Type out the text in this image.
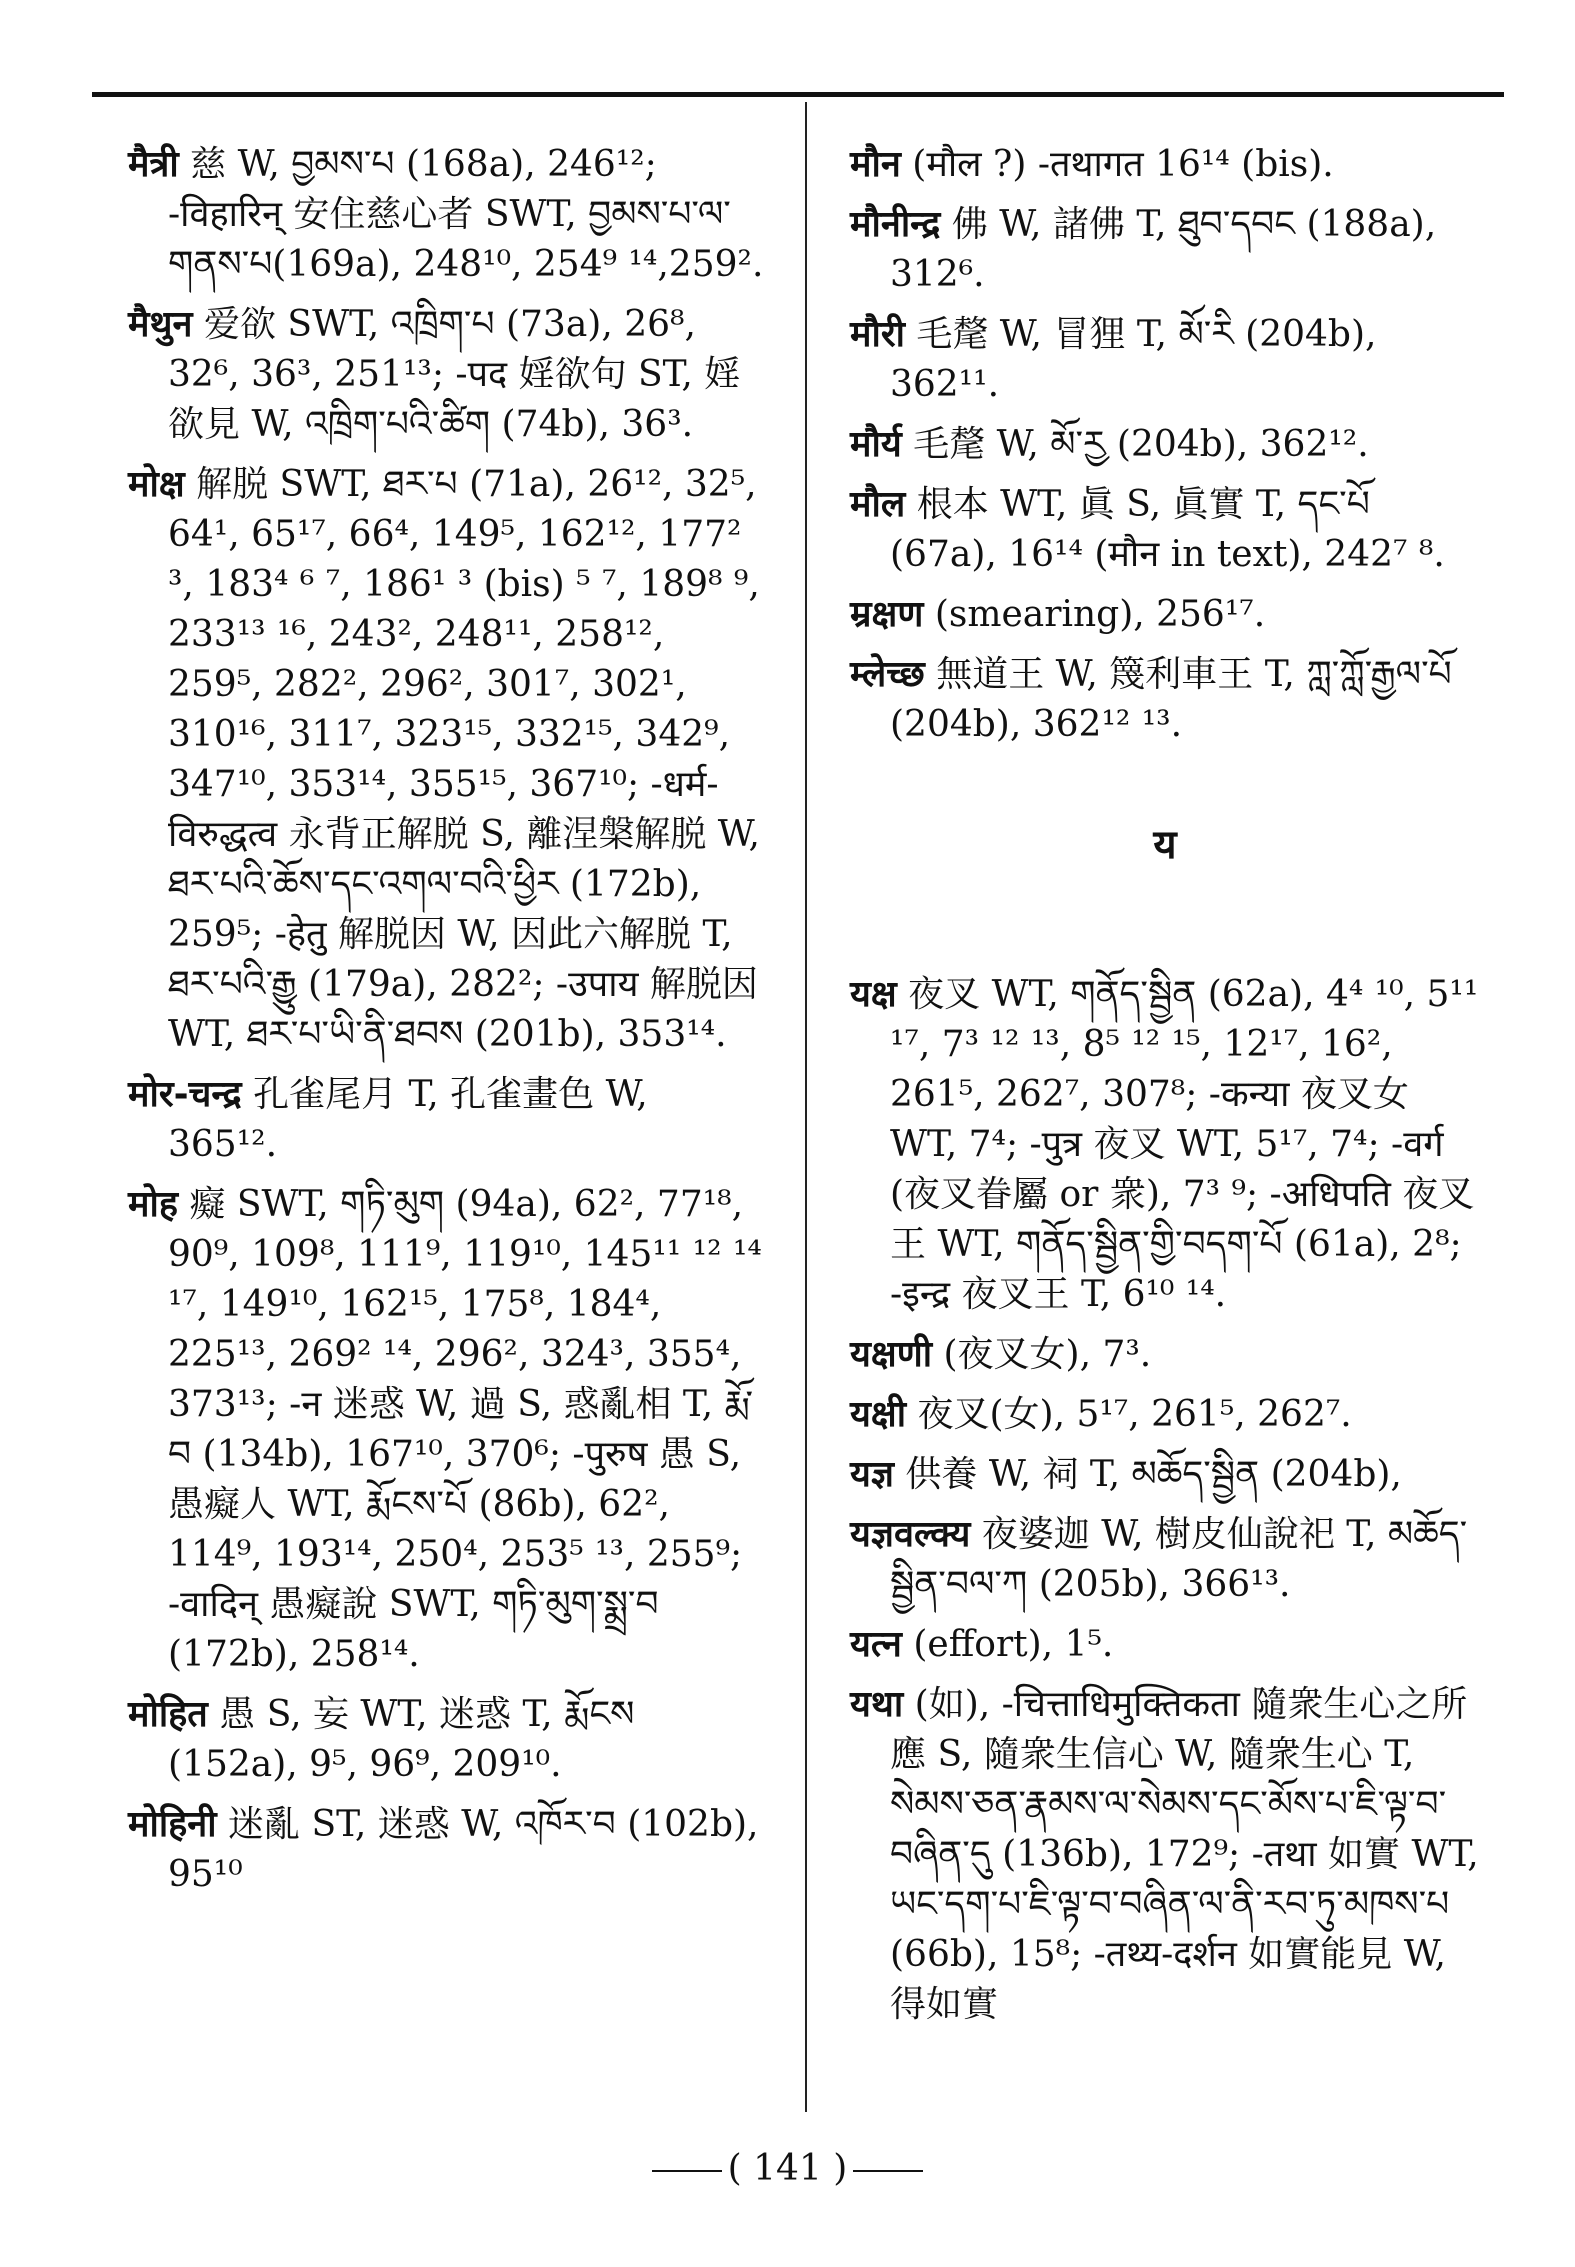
मैत्री 慈 W, བྱམས་པ (168a), 246¹²; -विहारिन् 安住慈心者 SWT, བྱམས་པ་ལ་གནས་པ(169a), 248¹⁰, 254⁹ ¹⁴,259².
मैथुन 爱欲 SWT, འཁྲིག་པ (73a), 26⁸, 32⁶, 36³, 251¹³; -पद 婬欲句 ST, 婬欲見 W, འཁྲིག་པའི་ཚིག (74b), 36³.
मोक्ष 解脱 SWT, ཐར་པ (71a), 26¹², 32⁵, 64¹, 65¹⁷, 66⁴, 149⁵, 162¹², 177² ³, 183⁴ ⁶ ⁷, 186¹ ³ (bis) ⁵ ⁷, 189⁸ ⁹, 233¹³ ¹⁶, 243², 248¹¹, 258¹², 259⁵, 282², 296², 301⁷, 302¹, 310¹⁶, 311⁷, 323¹⁵, 332¹⁵, 342⁹, 347¹⁰, 353¹⁴, 355¹⁵, 367¹⁰; -धर्म-विरुद्धत्व 永背正解脱 S, 離涅槃解脱 W, ཐར་པའི་ཆོས་དང་འགལ་བའི་ཕྱིར (172b), 259⁵; -हेतु 解脱因 W, 因此六解脱 T, ཐར་པའི་རྒྱུ (179a), 282²; -उपाय 解脱因 WT, ཐར་པ་ཡི་ནི་ཐབས (201b), 353¹⁴.
मोर-चन्द्र 孔雀尾月 T, 孔雀畫色 W, 365¹².
मोह 癡 SWT, གཏི་མུག (94a), 62², 77¹⁸, 90⁹, 109⁸, 111⁹, 119¹⁰, 145¹¹ ¹² ¹⁴ ¹⁷, 149¹⁰, 162¹⁵, 175⁸, 184⁴, 225¹³, 269² ¹⁴, 296², 324³, 355⁴, 373¹³; -न 迷惑 W, 過 S, 惑亂相 T, རྨོ་བ (134b), 167¹⁰, 370⁶; -पुरुष 愚 S, 愚癡人 WT, རྨོངས་པོ (86b), 62², 114⁹, 193¹⁴, 250⁴, 253⁵ ¹³, 255⁹; -वादिन् 愚癡說 SWT, གཏི་མུག་སྨྲ་བ (172b), 258¹⁴.
मोहित 愚 S, 妄 WT, 迷惑 T, རྨོངས (152a), 9⁵, 96⁹, 209¹⁰.
मोहिनी 迷亂 ST, 迷惑 W, འཁོར་བ (102b), 95¹⁰
मौन (मौल ?) -तथागत 16¹⁴ (bis).
मौनीन्द्र 佛 W, 諸佛 T, ཐུབ་དབང (188a), 312⁶.
मौरी 毛氂 W, 冒狸 T, མོ་རི (204b), 362¹¹.
मौर्य 毛氂 W, མོ་རྱ (204b), 362¹².
मौल 根本 WT, 眞 S, 眞實 T, དང་པོ (67a), 16¹⁴ (मौन in text), 242⁷ ⁸.
म्रक्षण (smearing), 256¹⁷.
म्लेच्छ 無道王 W, 篾利車王 T, ཀླ་ཀློ་རྒྱལ་པོ (204b), 362¹² ¹³.
य
यक्ष 夜叉 WT, གནོད་སྦྱིན (62a), 4⁴ ¹⁰, 5¹¹ ¹⁷, 7³ ¹² ¹³, 8⁵ ¹² ¹⁵, 12¹⁷, 16², 261⁵, 262⁷, 307⁸; -कन्या 夜叉女 WT, 7⁴; -पुत्र 夜叉 WT, 5¹⁷, 7⁴; -वर्ग (夜叉眷屬 or 衆), 7³ ⁹; -अधिपति 夜叉王 WT, གནོད་སྦྱིན་གྱི་བདག་པོ (61a), 2⁸; -इन्द्र 夜叉王 T, 6¹⁰ ¹⁴.
यक्षणी (夜叉女), 7³.
यक्षी 夜叉(女), 5¹⁷, 261⁵, 262⁷.
यज्ञ 供養 W, 祠 T, མཆོད་སྦྱིན (204b),
यज्ञवल्क्य 夜婆迦 W, 樹皮仙說祀 T, མཆོད་སྦྱིན་བལ་ཀ (205b), 366¹³.
यत्न (effort), 1⁵.
यथा (如), -चित्ताधिमुक्तिकता 隨衆生心之所應 S, 隨衆生信心 W, 隨衆生心 T, སེམས་ཅན་རྣམས་ལ་སེམས་དང་མོས་པ་ཇི་ལྟ་བ་བཞིན་དུ (136b), 172⁹; -तथा 如實 WT, ཡང་དག་པ་ཇི་ལྟ་བ་བཞིན་ལ་ནི་རབ་ཏུ་མཁས་པ (66b), 15⁸; -तथ्य-दर्शन 如實能見 W, 得如實
( 141 )
